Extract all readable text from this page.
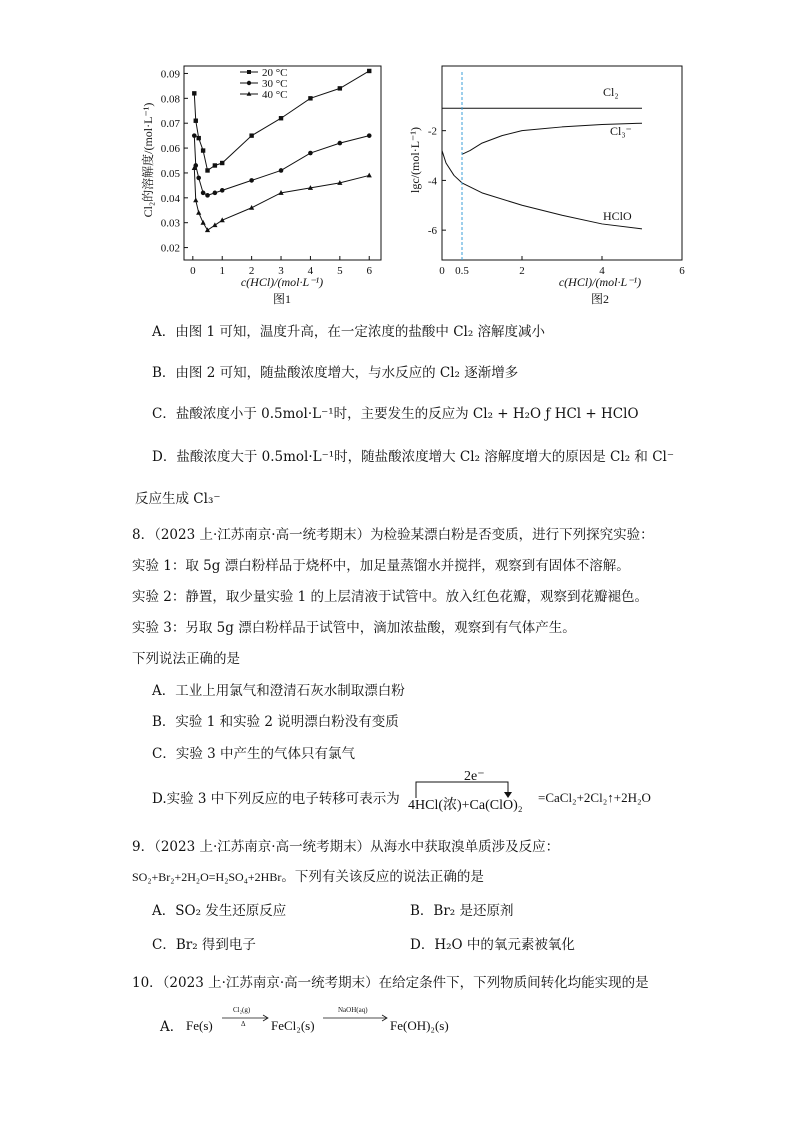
Cl₂的溶解度/(mol·L⁻¹)
c(HCl)/(mol·L⁻¹)
图1
0.09
0.08
0.07
0.06
0.05
0.04
0.03
0.02
0 1 2 3 4 5 6
20 °C
30 °C
40 °C
lgc/(mol·L⁻¹)
c(HCl)/(mol·L⁻¹)
图2
-2
-4
-6
0 0.5	2	4	6
Cl₂
Cl₃⁻
HClO
A．由图 1 可知，温度升高，在一定浓度的盐酸中 Cl₂ 溶解度减小
B．由图 2 可知，随盐酸浓度增大，与水反应的 Cl₂ 逐渐增多
C．盐酸浓度小于 0.5mol·L⁻¹时，主要发生的反应为 Cl₂ + H₂O ƒ HCl + HClO
D．盐酸浓度大于 0.5mol·L⁻¹时，随盐酸浓度增大 Cl₂ 溶解度增大的原因是 Cl₂ 和 Cl⁻
反应生成 Cl₃⁻
8．（2023 上·江苏南京·高一统考期末）为检验某漂白粉是否变质，进行下列探究实验：
实验 1：取 5g 漂白粉样品于烧杯中，加足量蒸馏水并搅拌，观察到有固体不溶解。
实验 2：静置，取少量实验 1 的上层清液于试管中。放入红色花瓣，观察到花瓣褪色。
实验 3：另取 5g 漂白粉样品于试管中，滴加浓盐酸，观察到有气体产生。
下列说法正确的是
A．工业上用氯气和澄清石灰水制取漂白粉
B．实验 1 和实验 2 说明漂白粉没有变质
C．实验 3 中产生的气体只有氯气
D.实验 3 中下列反应的电子转移可表示为
2e⁻
4HCl(浓)+Ca(ClO)₂
=CaCl₂+2Cl₂↑+2H₂O
9．（2023 上·江苏南京·高一统考期末）从海水中获取溴单质涉及反应：
SO₂+Br₂+2H₂O=H₂SO₄+2HBr。下列有关该反应的说法正确的是
A．SO₂ 发生还原反应	B．Br₂ 是还原剂
C．Br₂ 得到电子	D．H₂O 中的氧元素被氧化
10．（2023 上·江苏南京·高一统考期末）在给定条件下，下列物质间转化均能实现的是
A． Fe(s)
Cl₂(g)
Δ FeCl₂(s)
NaOH(aq)
Fe(OH)₂(s)
